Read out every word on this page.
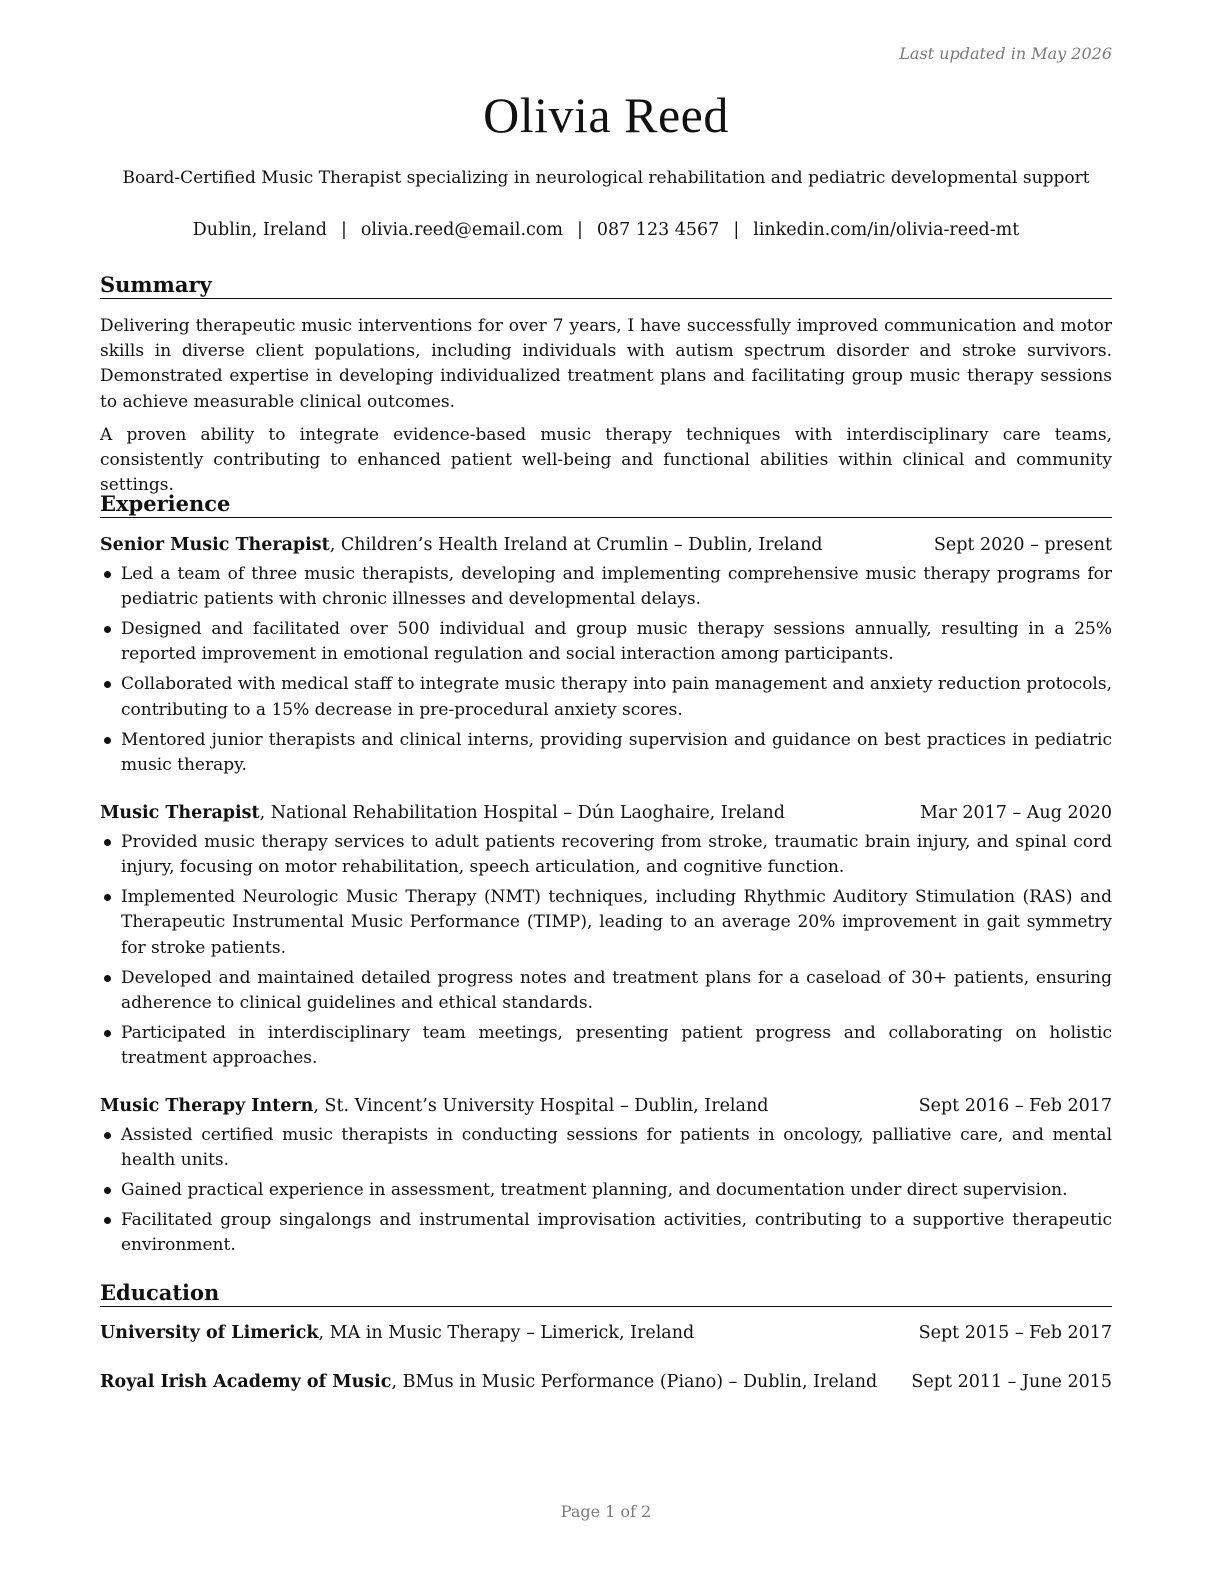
Last updated in May 2026
Olivia Reed
Board-Certified Music Therapist specializing in neurological rehabilitation and pediatric developmental support
Dublin, Ireland | olivia.reed@email.com | 087 123 4567 | linkedin.com/in/olivia-reed-mt
Summary

Delivering therapeutic music interventions for over 7 years, I have successfully improved communication and motor skills in diverse client populations, including individuals with autism spectrum disorder and stroke survivors. Demonstrated expertise in developing individualized treatment plans and facilitating group music therapy sessions to achieve measurable clinical outcomes.

A proven ability to integrate evidence-based music therapy techniques with interdisciplinary care teams, consistently contributing to enhanced patient well-being and functional abilities within clinical and community settings.

Experience
Senior Music Therapist, Children’s Health Ireland at Crumlin – Dublin, Ireland	Sept 2020 – present
Led a team of three music therapists, developing and implementing comprehensive music therapy programs for pediatric patients with chronic illnesses and developmental delays.
Designed and facilitated over 500 individual and group music therapy sessions annually, resulting in a 25% reported improvement in emotional regulation and social interaction among participants.
Collaborated with medical staff to integrate music therapy into pain management and anxiety reduction protocols, contributing to a 15% decrease in pre-procedural anxiety scores.
Mentored junior therapists and clinical interns, providing supervision and guidance on best practices in pediatric music therapy.
Music Therapist, National Rehabilitation Hospital – Dún Laoghaire, Ireland	Mar 2017 – Aug 2020
Provided music therapy services to adult patients recovering from stroke, traumatic brain injury, and spinal cord injury, focusing on motor rehabilitation, speech articulation, and cognitive function.
Implemented Neurologic Music Therapy (NMT) techniques, including Rhythmic Auditory Stimulation (RAS) and Therapeutic Instrumental Music Performance (TIMP), leading to an average 20% improvement in gait symmetry for stroke patients.
Developed and maintained detailed progress notes and treatment plans for a caseload of 30+ patients, ensuring adherence to clinical guidelines and ethical standards.
Participated in interdisciplinary team meetings, presenting patient progress and collaborating on holistic treatment approaches.
Music Therapy Intern, St. Vincent’s University Hospital – Dublin, Ireland	Sept 2016 – Feb 2017
Assisted certified music therapists in conducting sessions for patients in oncology, palliative care, and mental health units.
Gained practical experience in assessment, treatment planning, and documentation under direct supervision.
Facilitated group singalongs and instrumental improvisation activities, contributing to a supportive therapeutic environment.
Education
University of Limerick, MA in Music Therapy – Limerick, Ireland	Sept 2015 – Feb 2017
Royal Irish Academy of Music, BMus in Music Performance (Piano) – Dublin, Ireland Sept 2011 – June 2015
Page 1 of 2
